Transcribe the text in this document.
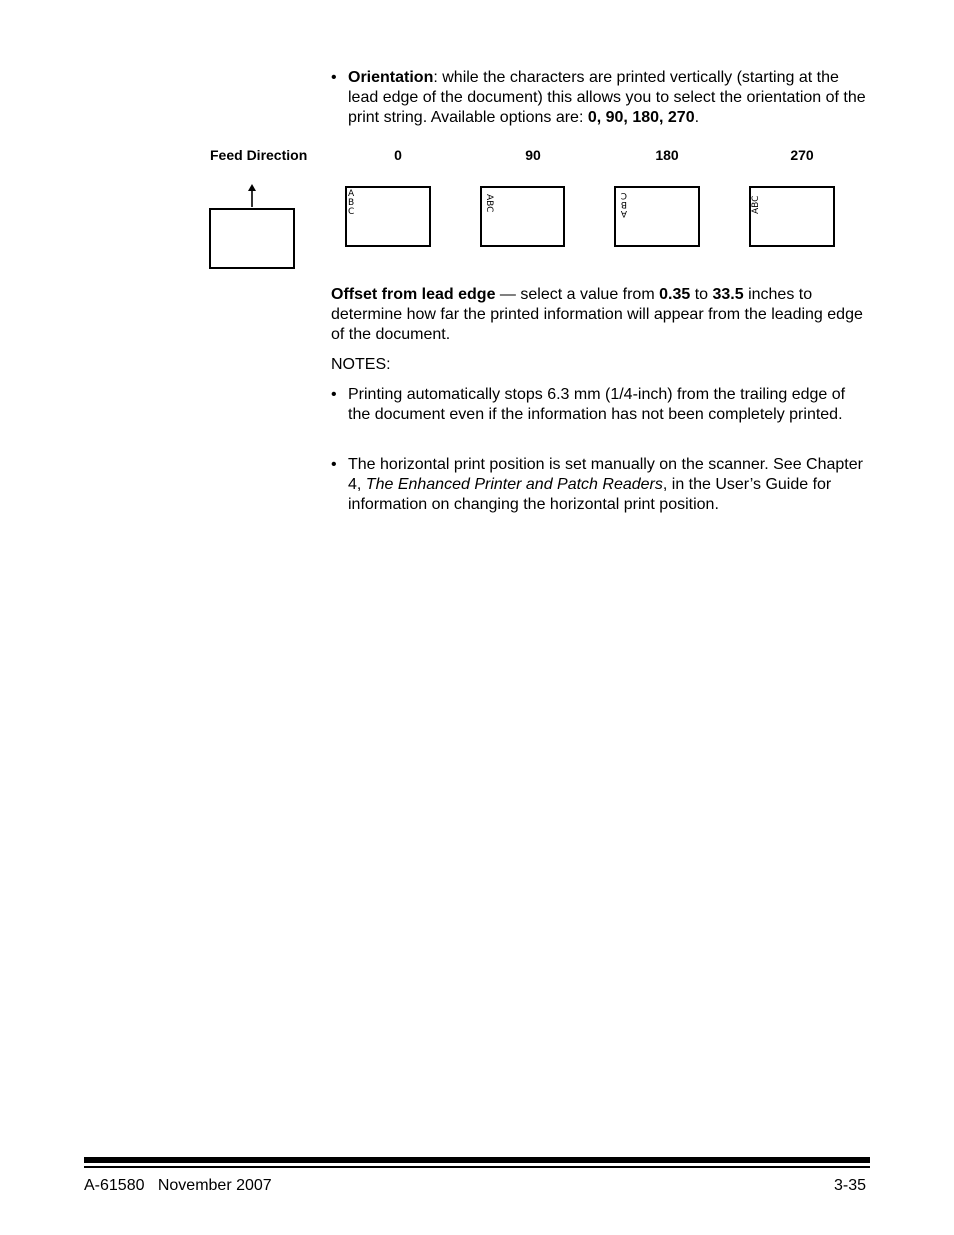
• Orientation: while the characters are printed vertically (starting at the lead edge of the document) this allows you to select the orientation of the print string. Available options are: 0, 90, 180, 270.
Feed Direction	0	90	180	270
A
B
C	ABC
A
B
C
ABC
Offset from lead edge — select a value from 0.35 to 33.5 inches to determine how far the printed information will appear from the leading edge of the document.
NOTES:
• Printing automatically stops 6.3 mm (1/4-inch) from the trailing edge of the document even if the information has not been completely printed.
• The horizontal print position is set manually on the scanner. See Chapter 4, The Enhanced Printer and Patch Readers, in the User’s Guide for information on changing the horizontal print position.
A-61580 November 2007	3-35
